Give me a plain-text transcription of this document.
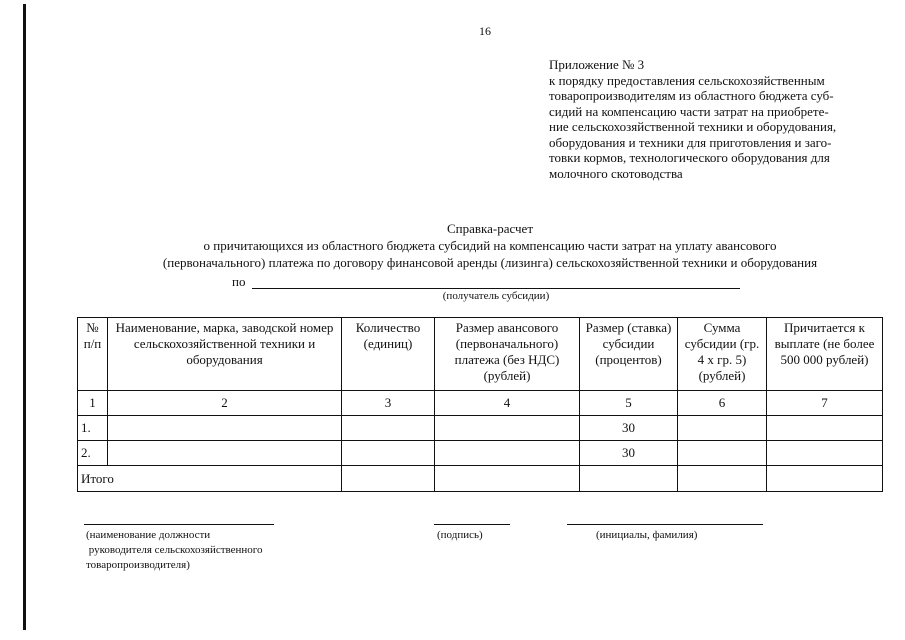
16
Приложение № 3
к порядку предоставления сельскохозяйственным
товаропроизводителям из областного бюджета суб-
сидий на компенсацию части затрат на приобрете-
ние сельскохозяйственной техники и оборудования,
оборудования и техники для приготовления и заго-
товки кормов, технологического оборудования для
молочного скотоводства
Справка-расчет
о причитающихся из областного бюджета субсидий на компенсацию части затрат на уплату авансового
(первоначального) платежа по договору финансовой аренды (лизинга) сельскохозяйственной техники и оборудования
по
(получатель субсидии)
№ п/п	Наименование, марка, заводской номер сельскохозяйственной техники и оборудования	Количество (единиц)	Размер авансового (первоначального) платежа (без НДС) (рублей)	Размер (ставка) субсидии (процентов)	Сумма субсидии (гр. 4 х гр. 5) (рублей)	Причитается к выплате (не более 500 000 рублей)
1	2	3	4	5	6	7
1.				30		
2.				30		
Итого						
(наименование должности
руководителя сельскохозяйственного
товаропроизводителя)
(подпись)	(инициалы, фамилия)
